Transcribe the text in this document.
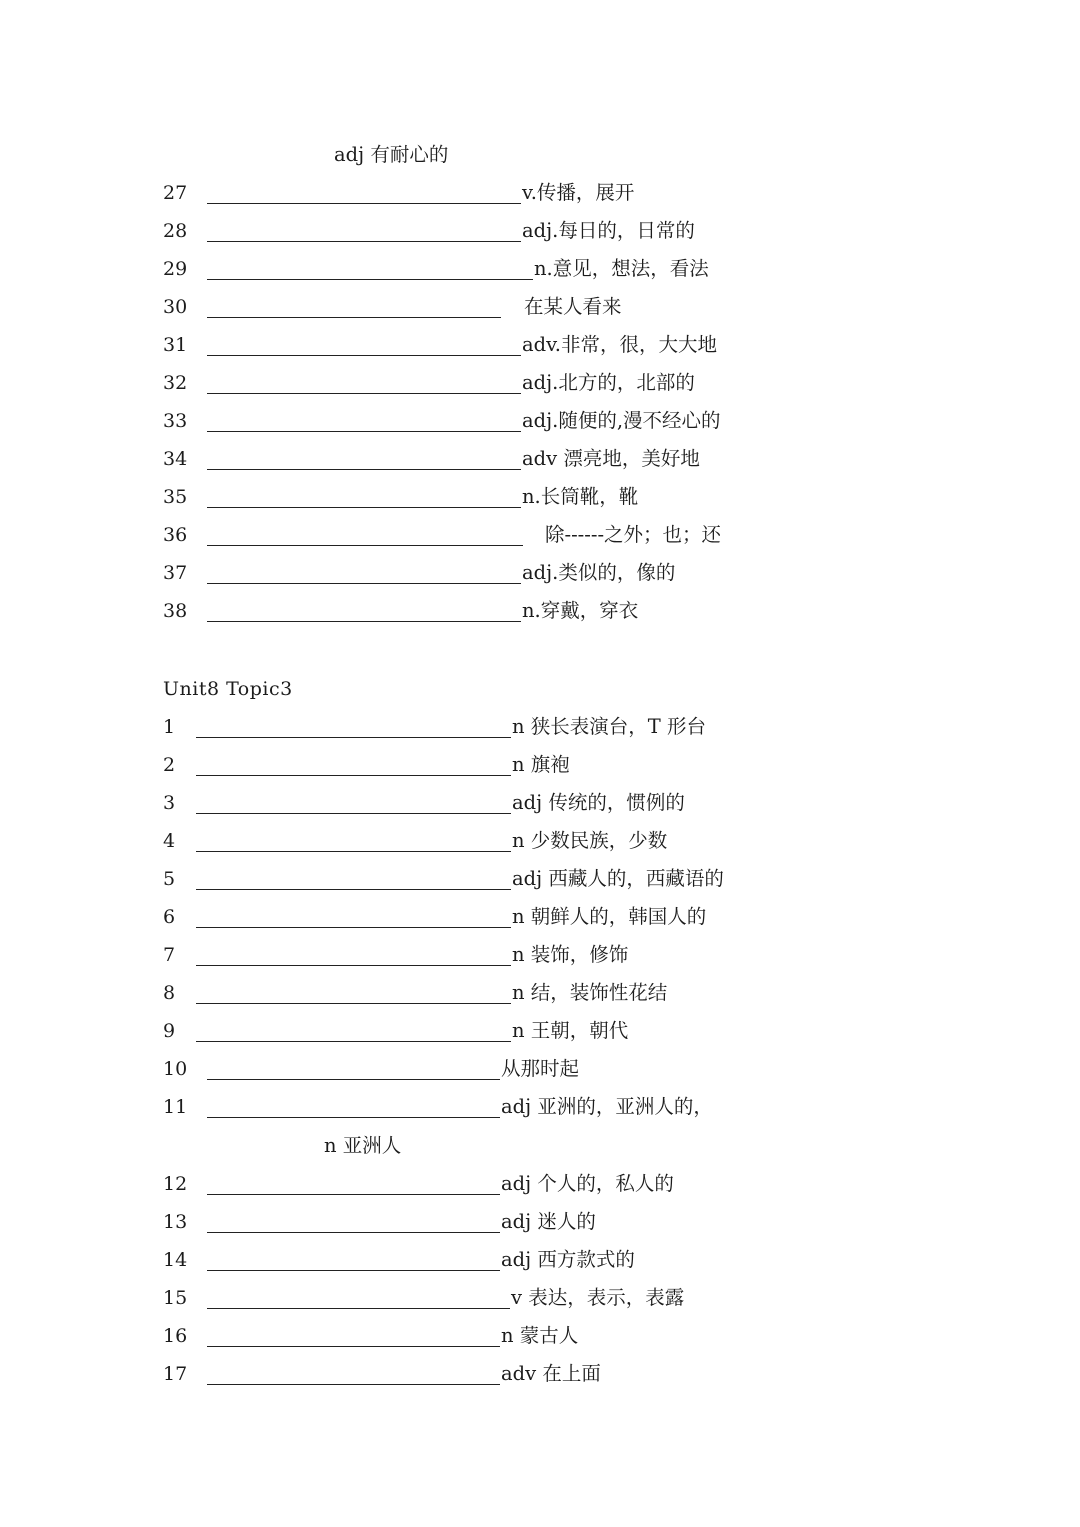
adj 有耐心的
27	v.传播，展开
28	adj.每日的，日常的
29	n.意见，想法，看法
30	在某人看来
31	adv.非常，很，大大地
32	adj.北方的，北部的
33	adj.随便的,漫不经心的
34	adv 漂亮地，美好地
35	n.长筒靴，靴
36	除------之外；也；还
37	adj.类似的，像的
38	n.穿戴，穿衣
Unit8 Topic3
1	n 狭长表演台，T 形台
2	n 旗袍
3	adj 传统的，惯例的
4	n 少数民族，少数
5	adj 西藏人的，西藏语的
6	n 朝鲜人的，韩国人的
7	n 装饰，修饰
8	n 结，装饰性花结
9	n 王朝，朝代
10	从那时起
11	adj 亚洲的，亚洲人的，
n 亚洲人
12	adj 个人的，私人的
13	adj 迷人的
14	adj 西方款式的
15	v 表达，表示，表露
16	n 蒙古人
17	adv 在上面
